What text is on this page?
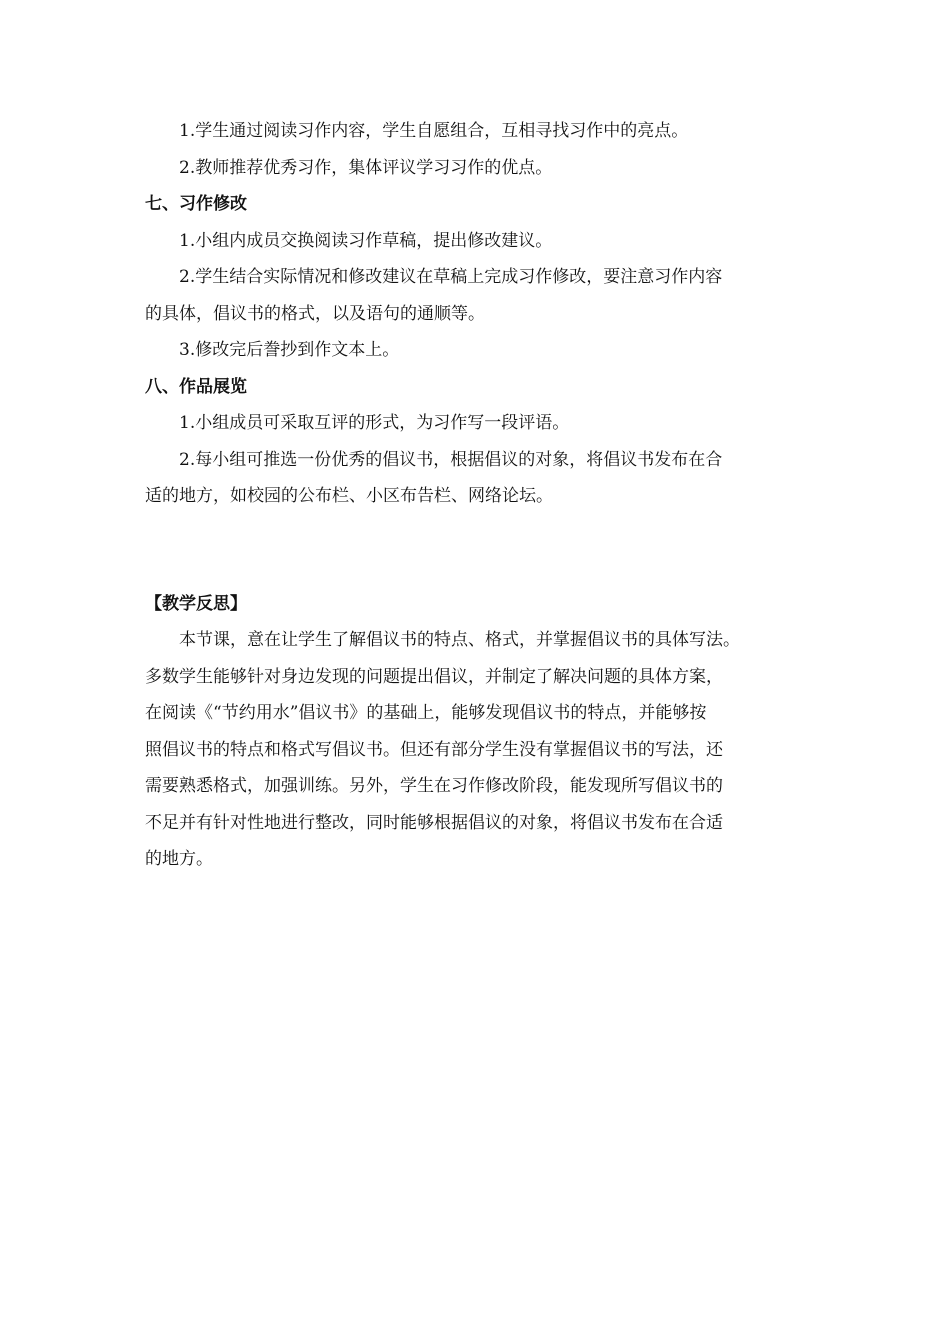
1.学生通过阅读习作内容，学生自愿组合，互相寻找习作中的亮点。
2.教师推荐优秀习作，集体评议学习习作的优点。
七、习作修改
1.小组内成员交换阅读习作草稿，提出修改建议。
2.学生结合实际情况和修改建议在草稿上完成习作修改，要注意习作内容
的具体，倡议书的格式，以及语句的通顺等。
3.修改完后誊抄到作文本上。
八、作品展览
1.小组成员可采取互评的形式，为习作写一段评语。
2.每小组可推选一份优秀的倡议书，根据倡议的对象，将倡议书发布在合
适的地方，如校园的公布栏、小区布告栏、网络论坛。
【教学反思】
本节课，意在让学生了解倡议书的特点、格式，并掌握倡议书的具体写法。
多数学生能够针对身边发现的问题提出倡议，并制定了解决问题的具体方案，
在阅读《“节约用水”倡议书》的基础上，能够发现倡议书的特点，并能够按
照倡议书的特点和格式写倡议书。但还有部分学生没有掌握倡议书的写法，还
需要熟悉格式，加强训练。另外，学生在习作修改阶段，能发现所写倡议书的
不足并有针对性地进行整改，同时能够根据倡议的对象，将倡议书发布在合适
的地方。
